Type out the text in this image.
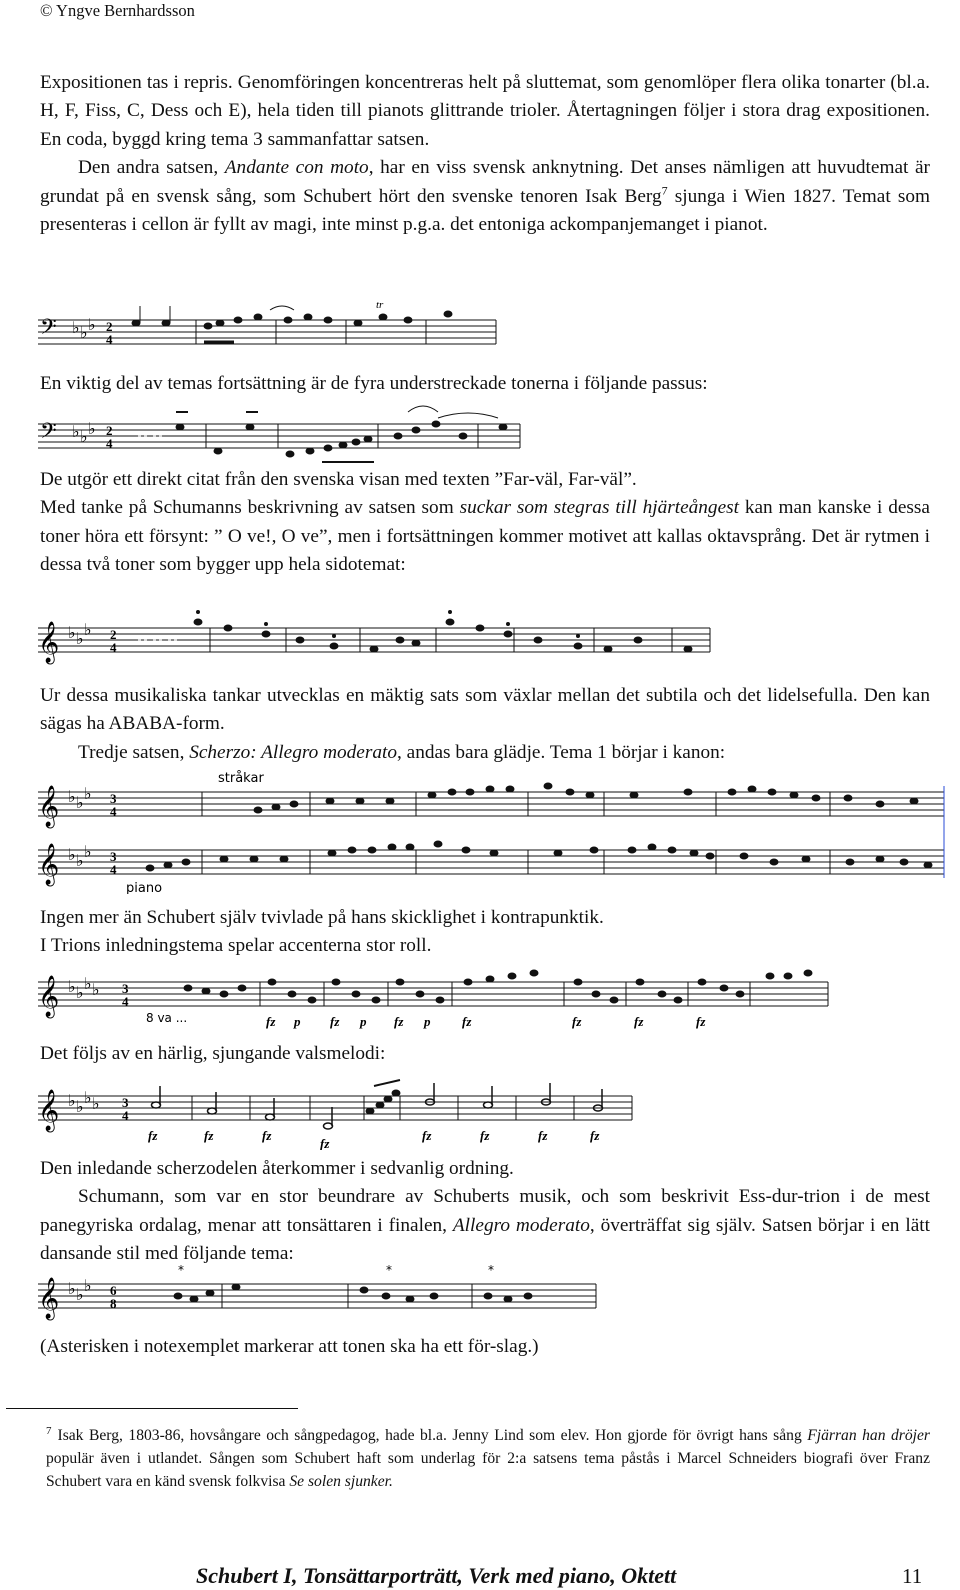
© Yngve Bernhardsson

Expositionen tas i repris. Genomföringen koncentreras helt på sluttemat, som genomlöper flera olika tonarter (bl.a. H, F, Fiss, C, Dess och E), hela tiden till pianots glittrande trioler. Återtagningen följer i stora drag expositionen. En coda, byggd kring tema 3 sammanfattar satsen.

Den andra satsen, Andante con moto, har en viss svensk anknytning. Det anses nämligen att huvudtemat är grundat på en svensk sång, som Schubert hört den svenske tenoren Isak Berg$^7$ sjunga i Wien 1827. Temat som presenteras i cellon är fyllt av magi, inte minst p.g.a. det entoniga ackompanjemanget i pianot.

𝄢 ♭ ♭ ♭ 2
4
tr

En viktig del av temas fortsättning är de fyra understreckade tonerna i följande passus:

𝄢 ♭ ♭ ♭ 2
4

De utgör ett direkt citat från den svenska visan med texten ”Far-väl, Far-väl”.

Med tanke på Schumanns beskrivning av satsen som suckar som stegras till hjärteångest kan man kanske i dessa toner höra ett försynt: ” O ve!, O ve”, men i fortsättningen kommer motivet att kallas oktavsprång. Det är rytmen i dessa två toner som bygger upp hela sidotemat:

𝄞 ♭ ♭
♭ 2
4

Ur dessa musikaliska tankar utvecklas en mäktig sats som växlar mellan det subtila och det lidelsefulla. Den kan sägas ha ABABA-form.

Tredje satsen, Scherzo: Allegro moderato, andas bara glädje. Tema 1 börjar i kanon:

𝄞
𝄞
♭ ♭
♭
♭ ♭
♭
3
4
3
4
stråkar
piano

Ingen mer än Schubert själv tvivlade på hans skicklighet i kontrapunktik.

I Trions inledningstema spelar accenterna stor roll.

𝄞 ♭ ♭
♭ ♭ 3
4
8 va ...	fz p fz p fz p fz	fz	fz	fz

Det följs av en härlig, sjungande valsmelodi:

𝄞 ♭ ♭
♭ ♭ 3
4
fz	fz	fz
fz
fz	fz	fz	fz

Den inledande scherzodelen återkommer i sedvanlig ordning.

Schumann, som var en stor beundrare av Schuberts musik, och som beskrivit Ess-dur-trion i de mest panegyriska ordalag, menar att tonsättaren i finalen, Allegro moderato, överträffat sig själv. Satsen börjar i en lätt dansande stil med följande tema:

𝄞 ♭ ♭
♭ 6
8
*	*	*

(Asterisken i notexemplet markerar att tonen ska ha ett för-slag.)

$^7$ Isak Berg, 1803-86, hovsångare och sångpedagog, hade bl.a. Jenny Lind som elev. Hon gjorde för övrigt hans sång Fjärran han dröjer populär även i utlandet. Sången som Schubert haft som underlag för 2:a satsens tema påstås i Marcel Schneiders biografi över Franz Schubert vara en känd svensk folkvisa Se solen sjunker.

Schubert I, Tonsättarporträtt, Verk med piano, Oktett	11
